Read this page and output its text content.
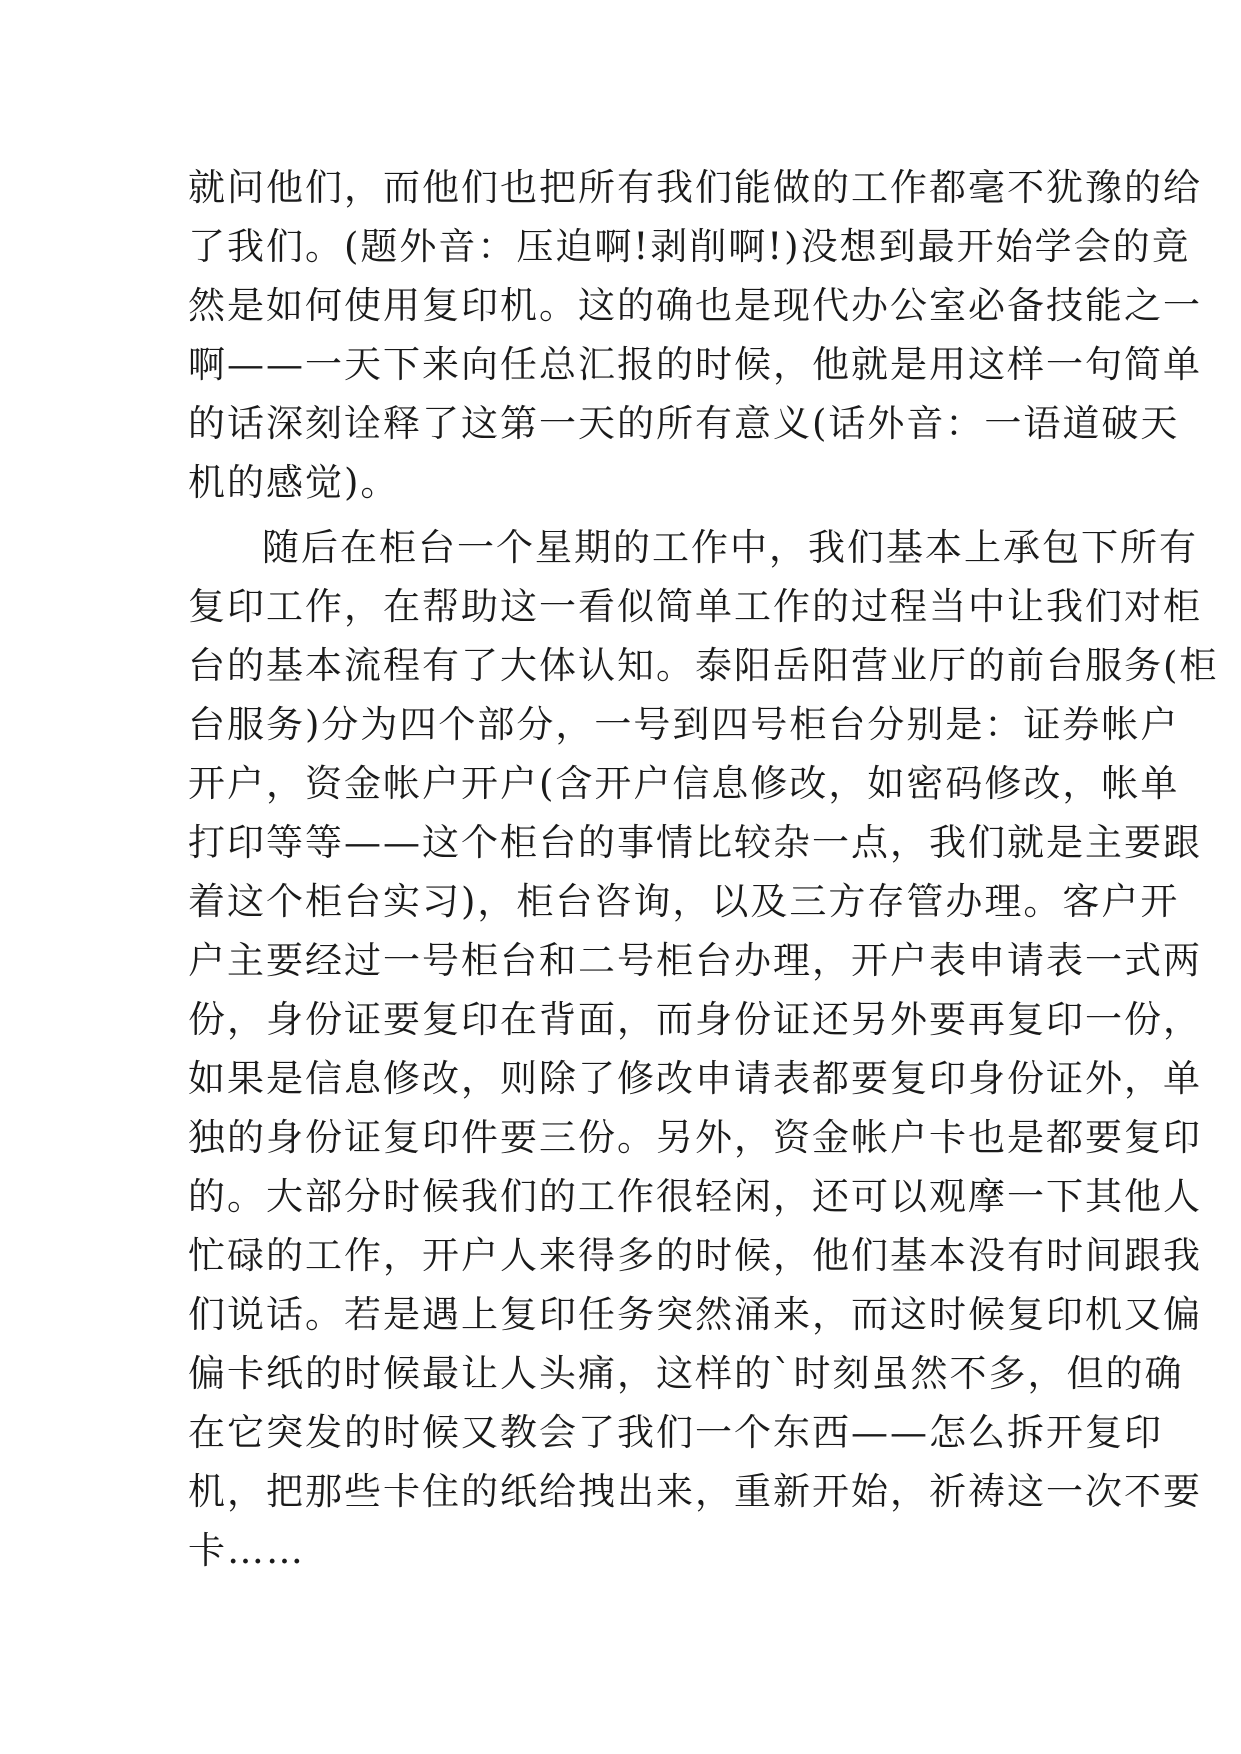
就问他们，而他们也把所有我们能做的工作都毫不犹豫的给
了我们。(题外音：压迫啊!剥削啊!)没想到最开始学会的竟
然是如何使用复印机。这的确也是现代办公室必备技能之一
啊——一天下来向任总汇报的时候，他就是用这样一句简单
的话深刻诠释了这第一天的所有意义(话外音：一语道破天
机的感觉)。
随后在柜台一个星期的工作中，我们基本上承包下所有
复印工作，在帮助这一看似简单工作的过程当中让我们对柜
台的基本流程有了大体认知。泰阳岳阳营业厅的前台服务(柜
台服务)分为四个部分，一号到四号柜台分别是：证券帐户
开户，资金帐户开户(含开户信息修改，如密码修改，帐单
打印等等——这个柜台的事情比较杂一点，我们就是主要跟
着这个柜台实习)，柜台咨询，以及三方存管办理。客户开
户主要经过一号柜台和二号柜台办理，开户表申请表一式两
份，身份证要复印在背面，而身份证还另外要再复印一份，
如果是信息修改，则除了修改申请表都要复印身份证外，单
独的身份证复印件要三份。另外，资金帐户卡也是都要复印
的。大部分时候我们的工作很轻闲，还可以观摩一下其他人
忙碌的工作，开户人来得多的时候，他们基本没有时间跟我
们说话。若是遇上复印任务突然涌来，而这时候复印机又偏
偏卡纸的时候最让人头痛，这样的`时刻虽然不多，但的确
在它突发的时候又教会了我们一个东西——怎么拆开复印
机，把那些卡住的纸给拽出来，重新开始，祈祷这一次不要
卡……
